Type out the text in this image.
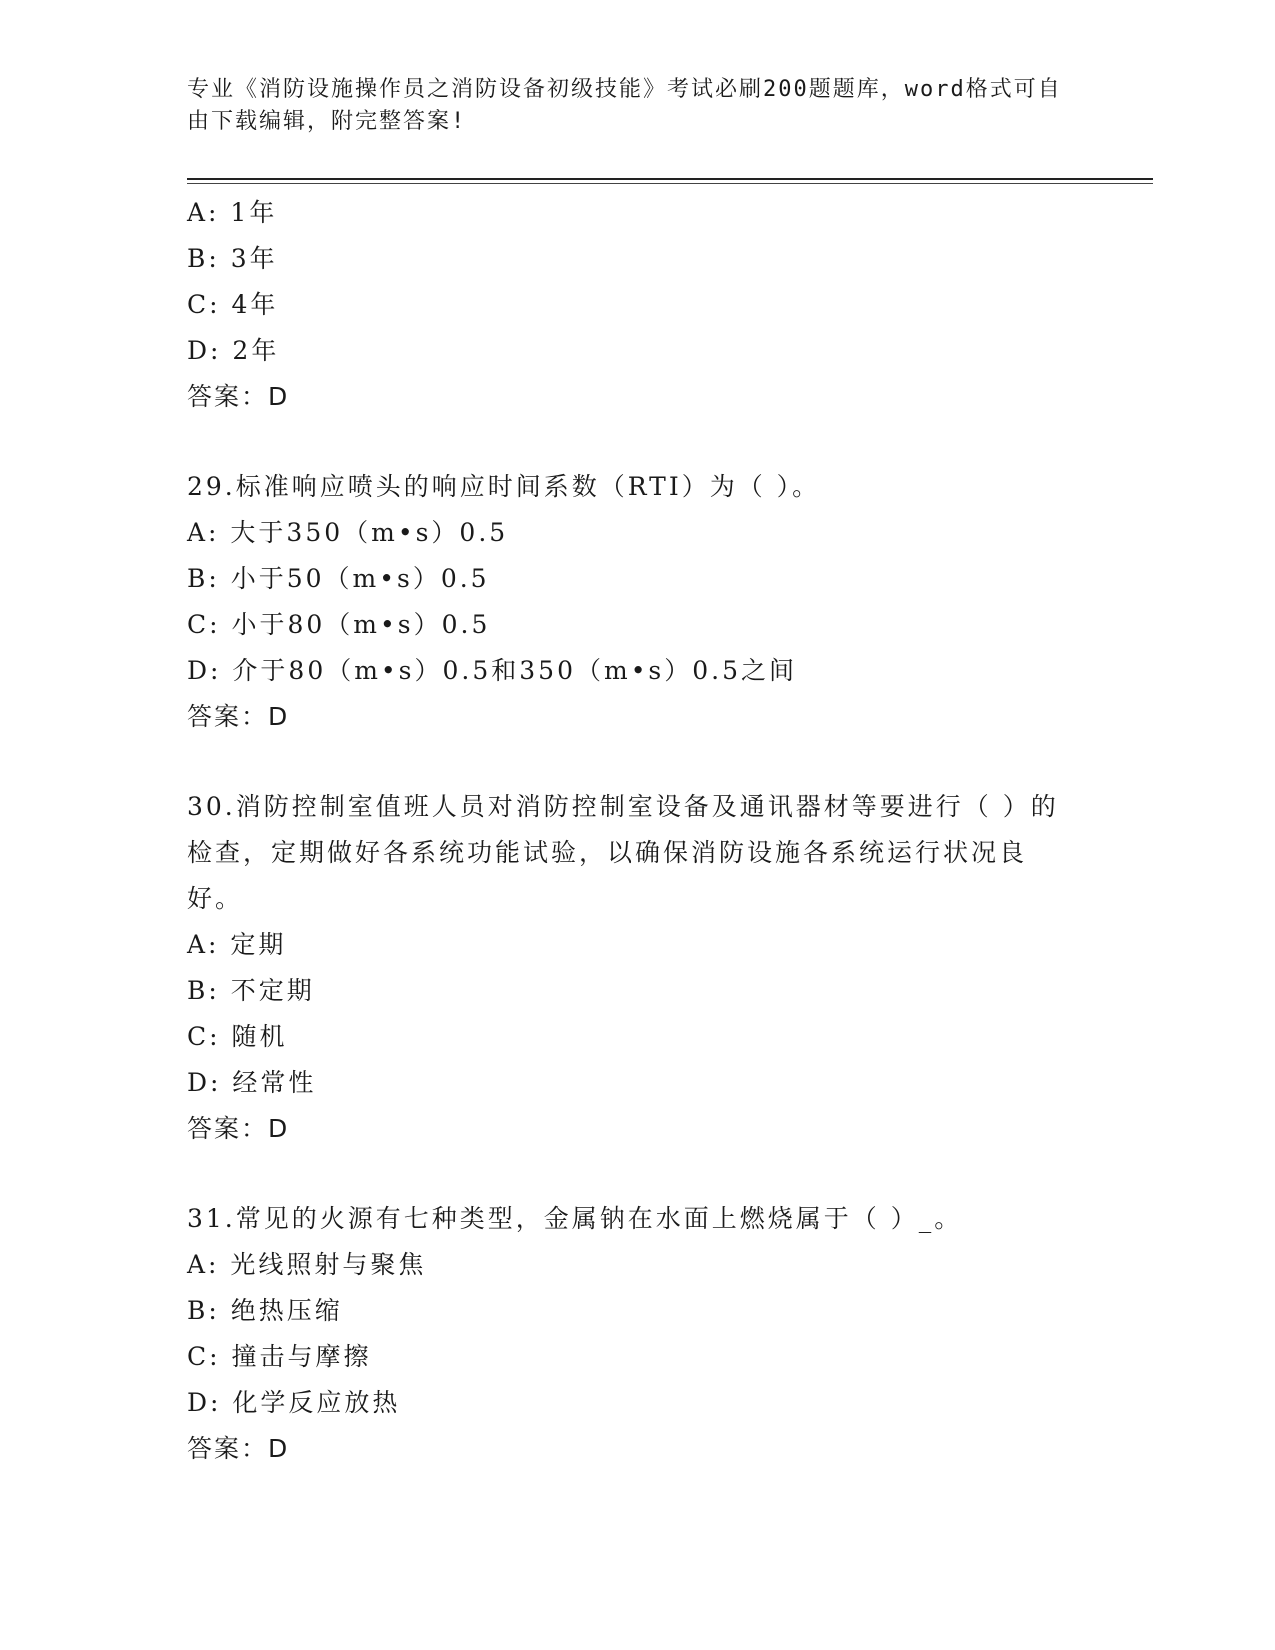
专业《消防设施操作员之消防设备初级技能》考试必刷200题题库，word格式可自由下载编辑，附完整答案!
A: 1年
B: 3年
C: 4年
D: 2年
答案：D
29.标准响应喷头的响应时间系数（RTI）为（ ）。
A: 大于350（m•s）0.5
B: 小于50（m•s）0.5
C: 小于80（m•s）0.5
D: 介于80（m•s）0.5和350（m•s）0.5之间
答案：D
30.消防控制室值班人员对消防控制室设备及通讯器材等要进行（ ）的检查，定期做好各系统功能试验，以确保消防设施各系统运行状况良好。
A: 定期
B: 不定期
C: 随机
D: 经常性
答案：D
31.常见的火源有七种类型，金属钠在水面上燃烧属于（ ）_。
A: 光线照射与聚焦
B: 绝热压缩
C: 撞击与摩擦
D: 化学反应放热
答案：D
